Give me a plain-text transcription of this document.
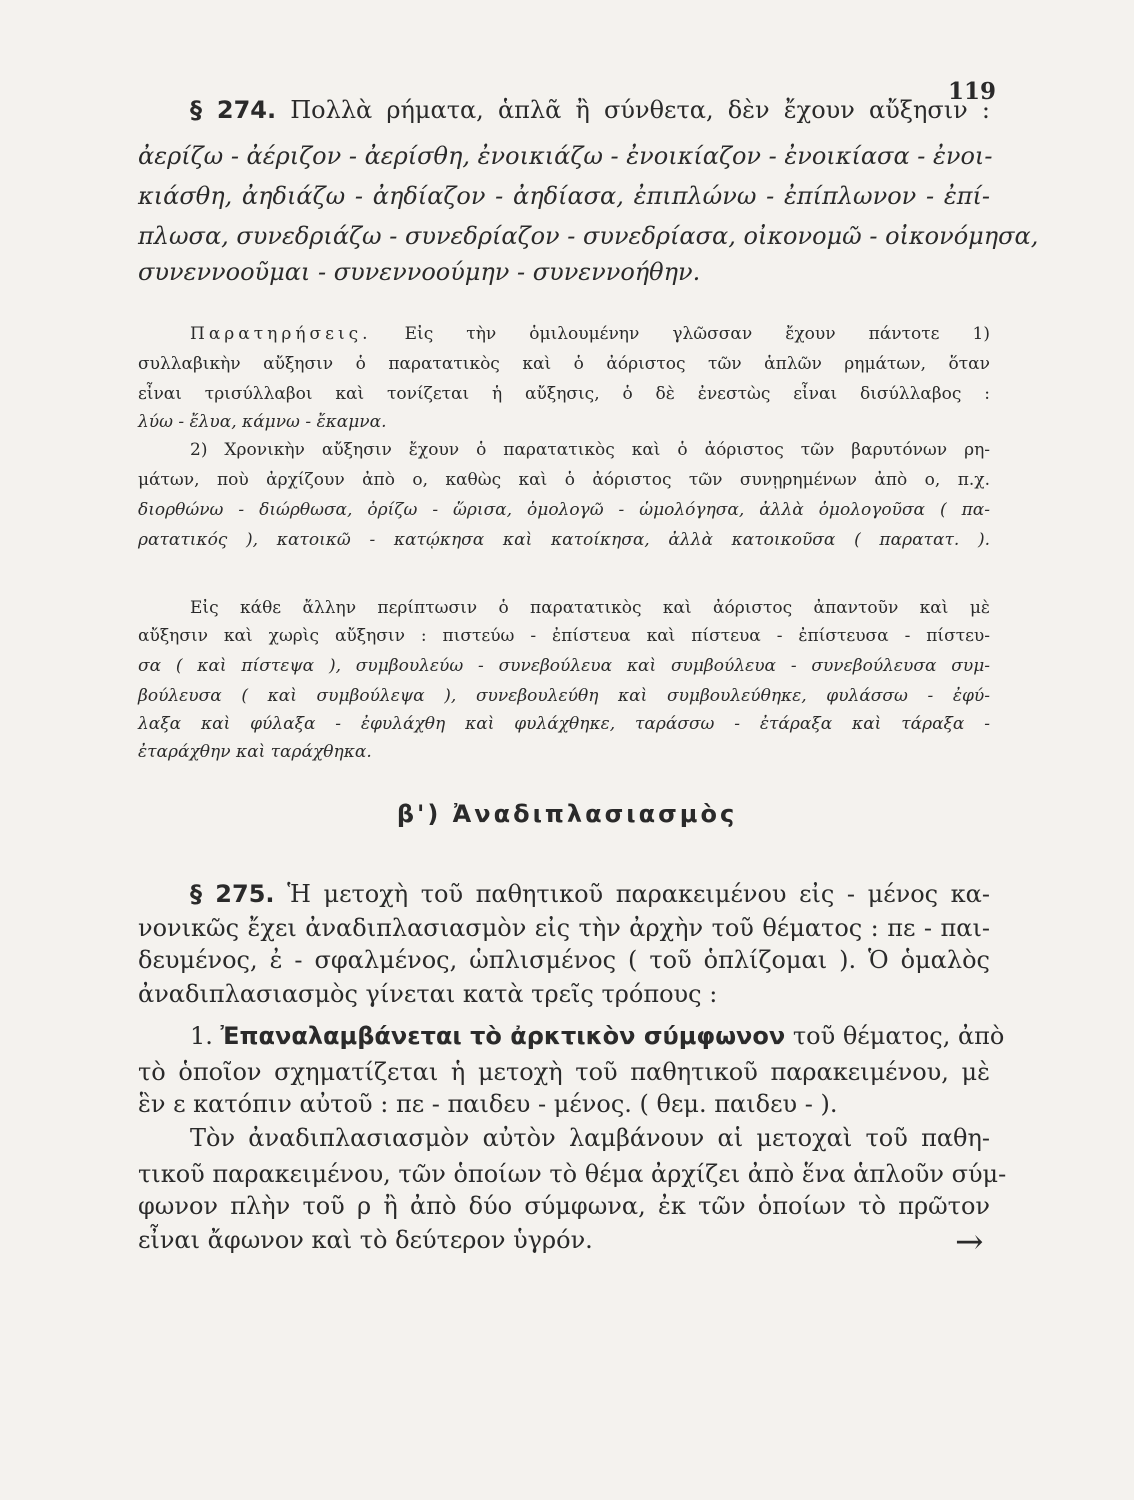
119
§ 274. Πολλὰ ρήματα, ἁπλᾶ ἢ σύνθετα, δὲν ἔχουν αὔξησιν :
ἀερίζω - ἀέριζον - ἀερίσθη, ἐνοικιάζω - ἐνοικίαζον - ἐνοικίασα - ἐνοι-
κιάσθη, ἀηδιάζω - ἀηδίαζον - ἀηδίασα, ἐπιπλώνω - ἐπίπλωνον - ἐπί-
πλωσα, συνεδριάζω - συνεδρίαζον - συνεδρίασα, οἰκονομῶ - οἰκονόμησα,
συνεννοοῦμαι - συνεννοούμην - συνεννοήθην.
Παρατηρήσεις. Εἰς τὴν ὁμιλουμένην γλῶσσαν ἔχουν πάντοτε 1)
συλλαβικὴν αὔξησιν ὁ παρατατικὸς καὶ ὁ ἀόριστος τῶν ἁπλῶν ρημάτων, ὅταν
εἶναι τρισύλλαβοι καὶ τονίζεται ἡ αὔξησις, ὁ δὲ ἐνεστὼς εἶναι δισύλλαβος :
λύω - ἔλυα, κάμνω - ἔκαμνα.
2) Χρονικὴν αὔξησιν ἔχουν ὁ παρατατικὸς καὶ ὁ ἀόριστος τῶν βαρυτόνων ρη-
μάτων, ποὺ ἀρχίζουν ἀπὸ ο, καθὼς καὶ ὁ ἀόριστος τῶν συνῃρημένων ἀπὸ ο, π.χ.
διορθώνω - διώρθωσα, ὁρίζω - ὥρισα, ὁμολογῶ - ὡμολόγησα, ἀλλὰ ὁμολογοῦσα ( πα-
ρατατικός ), κατοικῶ - κατῴκησα καὶ κατοίκησα, ἀλλὰ κατοικοῦσα ( παρατατ. ).
Εἰς κάθε ἄλλην περίπτωσιν ὁ παρατατικὸς καὶ ἀόριστος ἀπαντοῦν καὶ μὲ
αὔξησιν καὶ χωρὶς αὔξησιν : πιστεύω - ἐπίστευα καὶ πίστευα - ἐπίστευσα - πίστευ-
σα ( καὶ πίστεψα ), συμβουλεύω - συνεβούλευα καὶ συμβούλευα - συνεβούλευσα συμ-
βούλευσα ( καὶ συμβούλεψα ), συνεβουλεύθη καὶ συμβουλεύθηκε, φυλάσσω - ἐφύ-
λαξα καὶ φύλαξα - ἐφυλάχθη καὶ φυλάχθηκε, ταράσσω - ἐτάραξα καὶ τάραξα -
ἐταράχθην καὶ ταράχθηκα.
β') Ἀναδιπλασιασμὸς
§ 275. Ἡ μετοχὴ τοῦ παθητικοῦ παρακειμένου εἰς - μένος κα-
νονικῶς ἔχει ἀναδιπλασιασμὸν εἰς τὴν ἀρχὴν τοῦ θέματος : πε - παι-
δευμένος, ἐ - σφαλμένος, ὡπλισμένος ( τοῦ ὁπλίζομαι ). Ὁ ὁμαλὸς
ἀναδιπλασιασμὸς γίνεται κατὰ τρεῖς τρόπους :
1. Ἐπαναλαμβάνεται τὸ ἀρκτικὸν σύμφωνον τοῦ θέματος, ἀπὸ
τὸ ὁποῖον σχηματίζεται ἡ μετοχὴ τοῦ παθητικοῦ παρακειμένου, μὲ
ἓν ε κατόπιν αὐτοῦ : πε - παιδευ - μένος. ( θεμ. παιδευ - ).
Τὸν ἀναδιπλασιασμὸν αὐτὸν λαμβάνουν αἱ μετοχαὶ τοῦ παθη-
τικοῦ παρακειμένου, τῶν ὁποίων τὸ θέμα ἀρχίζει ἀπὸ ἕνα ἁπλοῦν σύμ-
φωνον πλὴν τοῦ ρ ἢ ἀπὸ δύο σύμφωνα, ἐκ τῶν ὁποίων τὸ πρῶτον
εἶναι ἄφωνον καὶ τὸ δεύτερον ὑγρόν.	→
